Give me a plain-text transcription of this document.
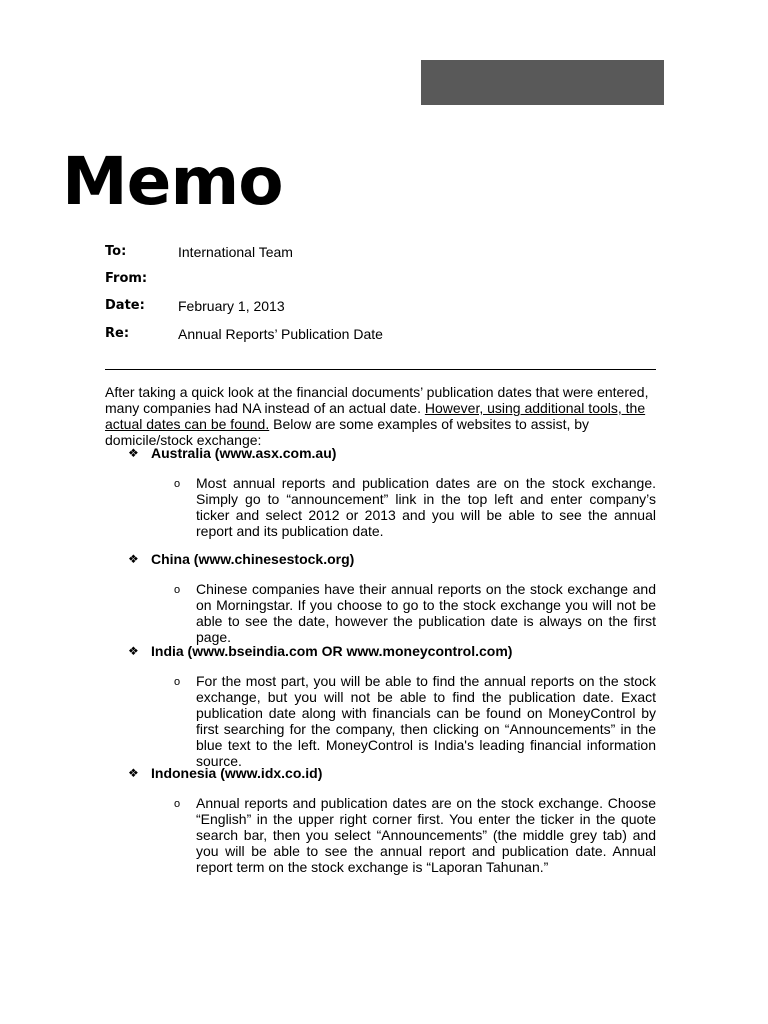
Memo
To:	International Team
From:
Date:	February 1, 2013
Re:	Annual Reports’ Publication Date

After taking a quick look at the financial documents’ publication dates that were entered, many companies had NA instead of an actual date. However, using additional tools, the actual dates can be found. Below are some examples of websites to assist, by domicile/stock exchange:

❖ Australia (www.asx.com.au)
o Most annual reports and publication dates are on the stock exchange. Simply go to “announcement” link in the top left and enter company’s ticker and select 2012 or 2013 and you will be able to see the annual report and its publication date.
❖ China (www.chinesestock.org)
o Chinese companies have their annual reports on the stock exchange and on Morningstar. If you choose to go to the stock exchange you will not be able to see the date, however the publication date is always on the first page.
❖ India (www.bseindia.com OR www.moneycontrol.com)
o For the most part, you will be able to find the annual reports on the stock exchange, but you will not be able to find the publication date. Exact publication date along with financials can be found on MoneyControl by first searching for the company, then clicking on “Announcements” in the blue text to the left. MoneyControl is India's leading financial information source.
❖ Indonesia (www.idx.co.id)
o Annual reports and publication dates are on the stock exchange. Choose “English” in the upper right corner first. You enter the ticker in the quote search bar, then you select “Announcements” (the middle grey tab) and you will be able to see the annual report and publication date. Annual report term on the stock exchange is “Laporan Tahunan.”
